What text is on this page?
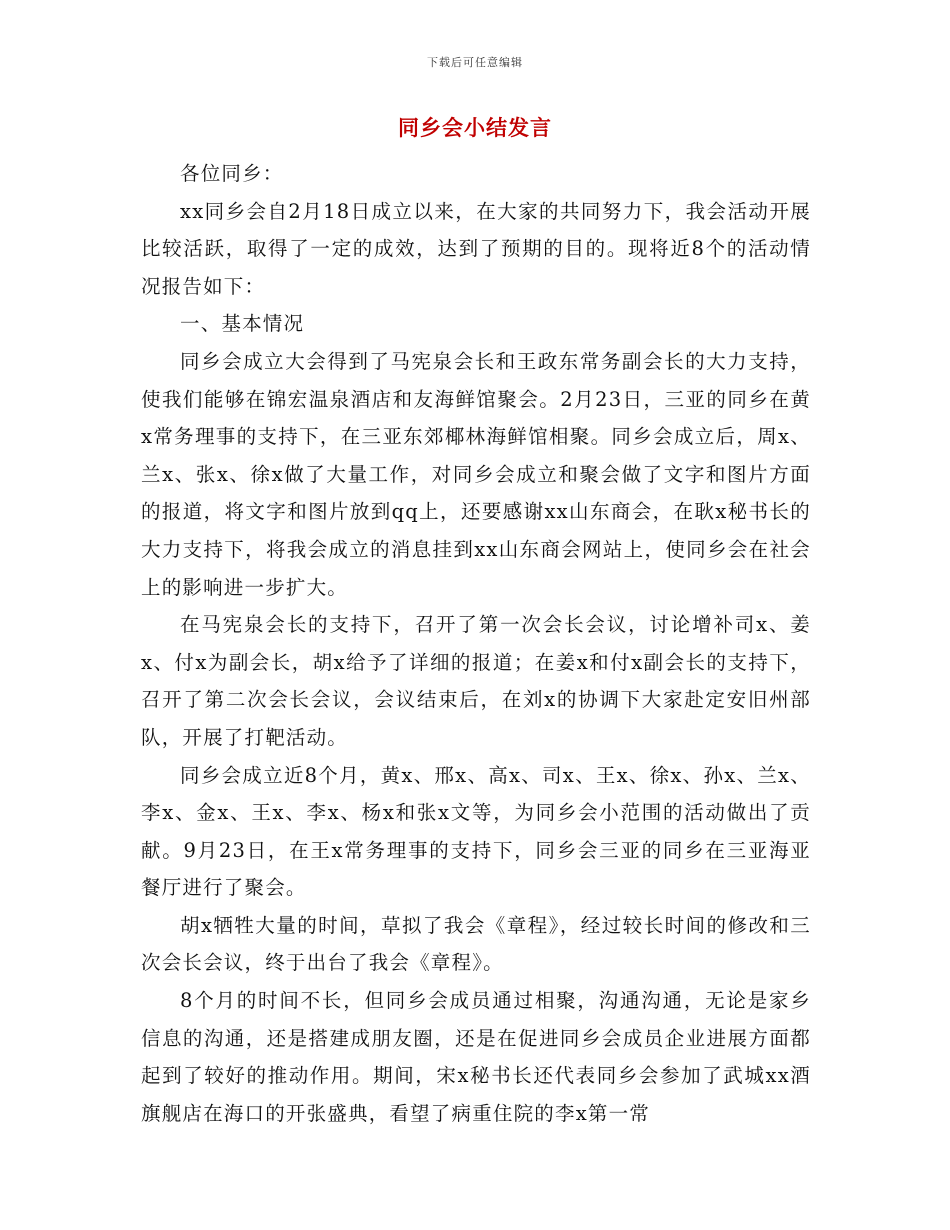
下载后可任意编辑
同乡会小结发言

各位同乡：

xx同乡会自2月18日成立以来，在大家的共同努力下，我会活动开展比较活跃，取得了一定的成效，达到了预期的目的。现将近8个的活动情况报告如下：

一、基本情况

同乡会成立大会得到了马宪泉会长和王政东常务副会长的大力支持，使我们能够在锦宏温泉酒店和友海鲜馆聚会。2月23日，三亚的同乡在黄x常务理事的支持下，在三亚东郊椰林海鲜馆相聚。同乡会成立后，周x、兰x、张x、徐x做了大量工作，对同乡会成立和聚会做了文字和图片方面的报道，将文字和图片放到qq上，还要感谢xx山东商会，在耿x秘书长的大力支持下，将我会成立的消息挂到xx山东商会网站上，使同乡会在社会上的影响进一步扩大。

在马宪泉会长的支持下，召开了第一次会长会议，讨论增补司x、姜x、付x为副会长，胡x给予了详细的报道；在姜x和付x副会长的支持下，召开了第二次会长会议，会议结束后，在刘x的协调下大家赴定安旧州部队，开展了打靶活动。

同乡会成立近8个月，黄x、邢x、高x、司x、王x、徐x、孙x、兰x、李x、金x、王x、李x、杨x和张x文等，为同乡会小范围的活动做出了贡献。9月23日，在王x常务理事的支持下，同乡会三亚的同乡在三亚海亚餐厅进行了聚会。

胡x牺牲大量的时间，草拟了我会《章程》，经过较长时间的修改和三次会长会议，终于出台了我会《章程》。

8个月的时间不长，但同乡会成员通过相聚，沟通沟通，无论是家乡信息的沟通，还是搭建成朋友圈，还是在促进同乡会成员企业进展方面都起到了较好的推动作用。期间，宋x秘书长还代表同乡会参加了武城xx酒旗舰店在海口的开张盛典，看望了病重住院的李x第一常
